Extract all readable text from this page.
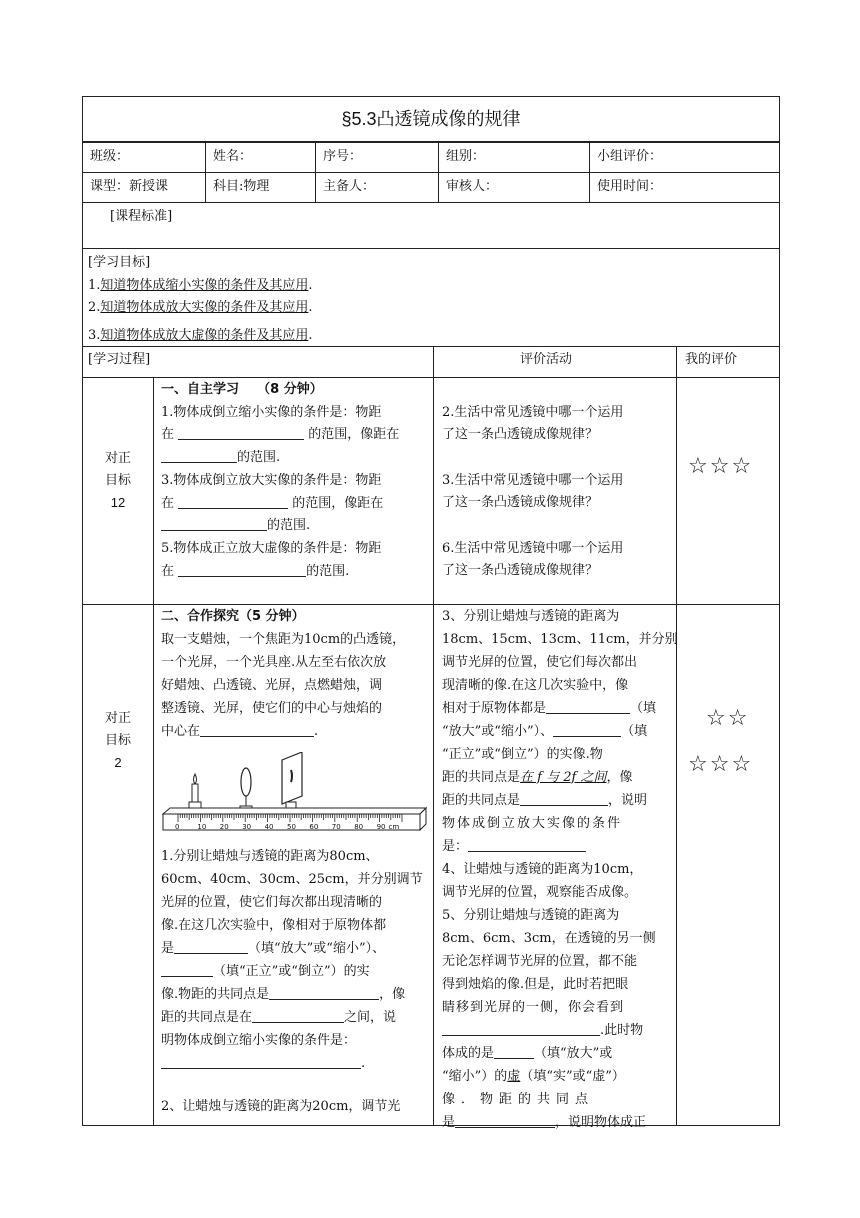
§5.3凸透镜成像的规律
班级：	姓名：	序号：	组别：	小组评价：
课型：新授课	科目:物理	主备人：	审核人：	使用时间：
[课程标准]
[学习目标]
1.知道物体成缩小实像的条件及其应用.
2.知道物体成放大实像的条件及其应用.
3.知道物体成放大虚像的条件及其应用.
[学习过程]	评价活动	我的评价
对正
目标
12
一、自主学习 （8 分钟）
1.物体成倒立缩小实像的条件是：物距
在	的范围，像距在
的范围.
3.物体成倒立放大实像的条件是：物距
在	的范围，像距在
的范围.
5.物体成正立放大虚像的条件是：物距
在	的范围.
2.生活中常见透镜中哪一个运用
了这一条凸透镜成像规律？
3.生活中常见透镜中哪一个运用
了这一条凸透镜成像规律？
6.生活中常见透镜中哪一个运用
了这一条凸透镜成像规律？
☆☆☆
对正
目标
2
二、合作探究（5 分钟）
取一支蜡烛，一个焦距为10cm的凸透镜，
一个光屏，一个光具座.从左至右依次放
好蜡烛、凸透镜、光屏，点燃蜡烛，调
整透镜、光屏，使它们的中心与烛焰的
中心在	.
0	10 20 30 40 50 60 70 80 90 cm
1.分别让蜡烛与透镜的距离为80cm、
60cm、40cm、30cm、25cm，并分别调节
光屏的位置，使它们每次都出现清晰的
像.在这几次实验中，像相对于原物体都
是	（填“放大”或“缩小”）、
（填“正立”或“倒立”）的实
像.物距的共同点是	，像
距的共同点是在	之间，说
明物体成倒立缩小实像的条件是：
.
2、让蜡烛与透镜的距离为20cm，调节光
3、分别让蜡烛与透镜的距离为
18cm、15cm、13cm、11cm，并分别
调节光屏的位置，使它们每次都出
现清晰的像.在这几次实验中，像
相对于原物体都是	（填
“放大”或“缩小”）、	（填
“正立”或“倒立”）的实像.物
距的共同点是在 f 与 2f 之间，像
距的共同点是	，说明
物体成倒立放大实像的条件
是：
4、让蜡烛与透镜的距离为10cm，
调节光屏的位置，观察能否成像。
5、分别让蜡烛与透镜的距离为
8cm、6cm、3cm，在透镜的另一侧
无论怎样调节光屏的位置，都不能
得到烛焰的像.但是，此时若把眼
睛移到光屏的一侧，你会看到
.此时物
体成的是	（填“放大”或
“缩小”）的虚（填“实”或“虚”）
像．物距的共同点
是	，说明物体成正
☆☆
☆☆☆
